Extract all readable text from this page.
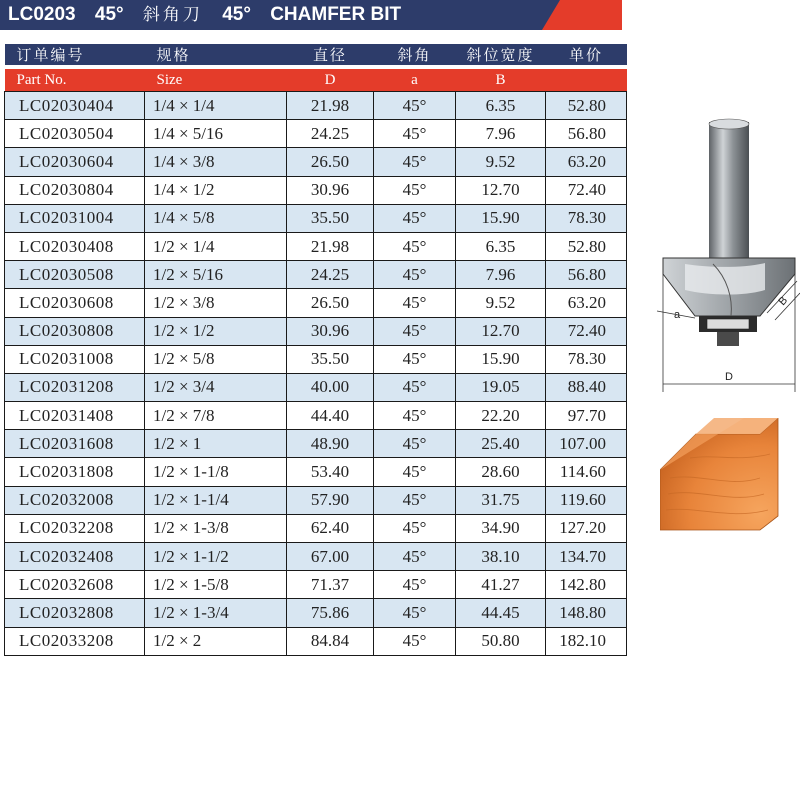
LC0203 45° 斜角刀 45° CHAMFER BIT
订单编号	规格	直径	斜角	斜位宽度	单价

Part No.	Size	D	a	B	
LC02030404	1/4 × 1/4	21.98	45°	6.35	52.80
LC02030504	1/4 × 5/16	24.25	45°	7.96	56.80
LC02030604	1/4 × 3/8	26.50	45°	9.52	63.20
LC02030804	1/4 × 1/2	30.96	45°	12.70	72.40
LC02031004	1/4 × 5/8	35.50	45°	15.90	78.30
LC02030408	1/2 × 1/4	21.98	45°	6.35	52.80
LC02030508	1/2 × 5/16	24.25	45°	7.96	56.80
LC02030608	1/2 × 3/8	26.50	45°	9.52	63.20
LC02030808	1/2 × 1/2	30.96	45°	12.70	72.40
LC02031008	1/2 × 5/8	35.50	45°	15.90	78.30
LC02031208	1/2 × 3/4	40.00	45°	19.05	88.40
LC02031408	1/2 × 7/8	44.40	45°	22.20	97.70
LC02031608	1/2 × 1	48.90	45°	25.40	107.00
LC02031808	1/2 × 1-1/8	53.40	45°	28.60	114.60
LC02032008	1/2 × 1-1/4	57.90	45°	31.75	119.60
LC02032208	1/2 × 1-3/8	62.40	45°	34.90	127.20
LC02032408	1/2 × 1-1/2	67.00	45°	38.10	134.70
LC02032608	1/2 × 1-5/8	71.37	45°	41.27	142.80
LC02032808	1/2 × 1-3/4	75.86	45°	44.45	148.80
LC02033208	1/2 × 2	84.84	45°	50.80	182.10
a
B
D
